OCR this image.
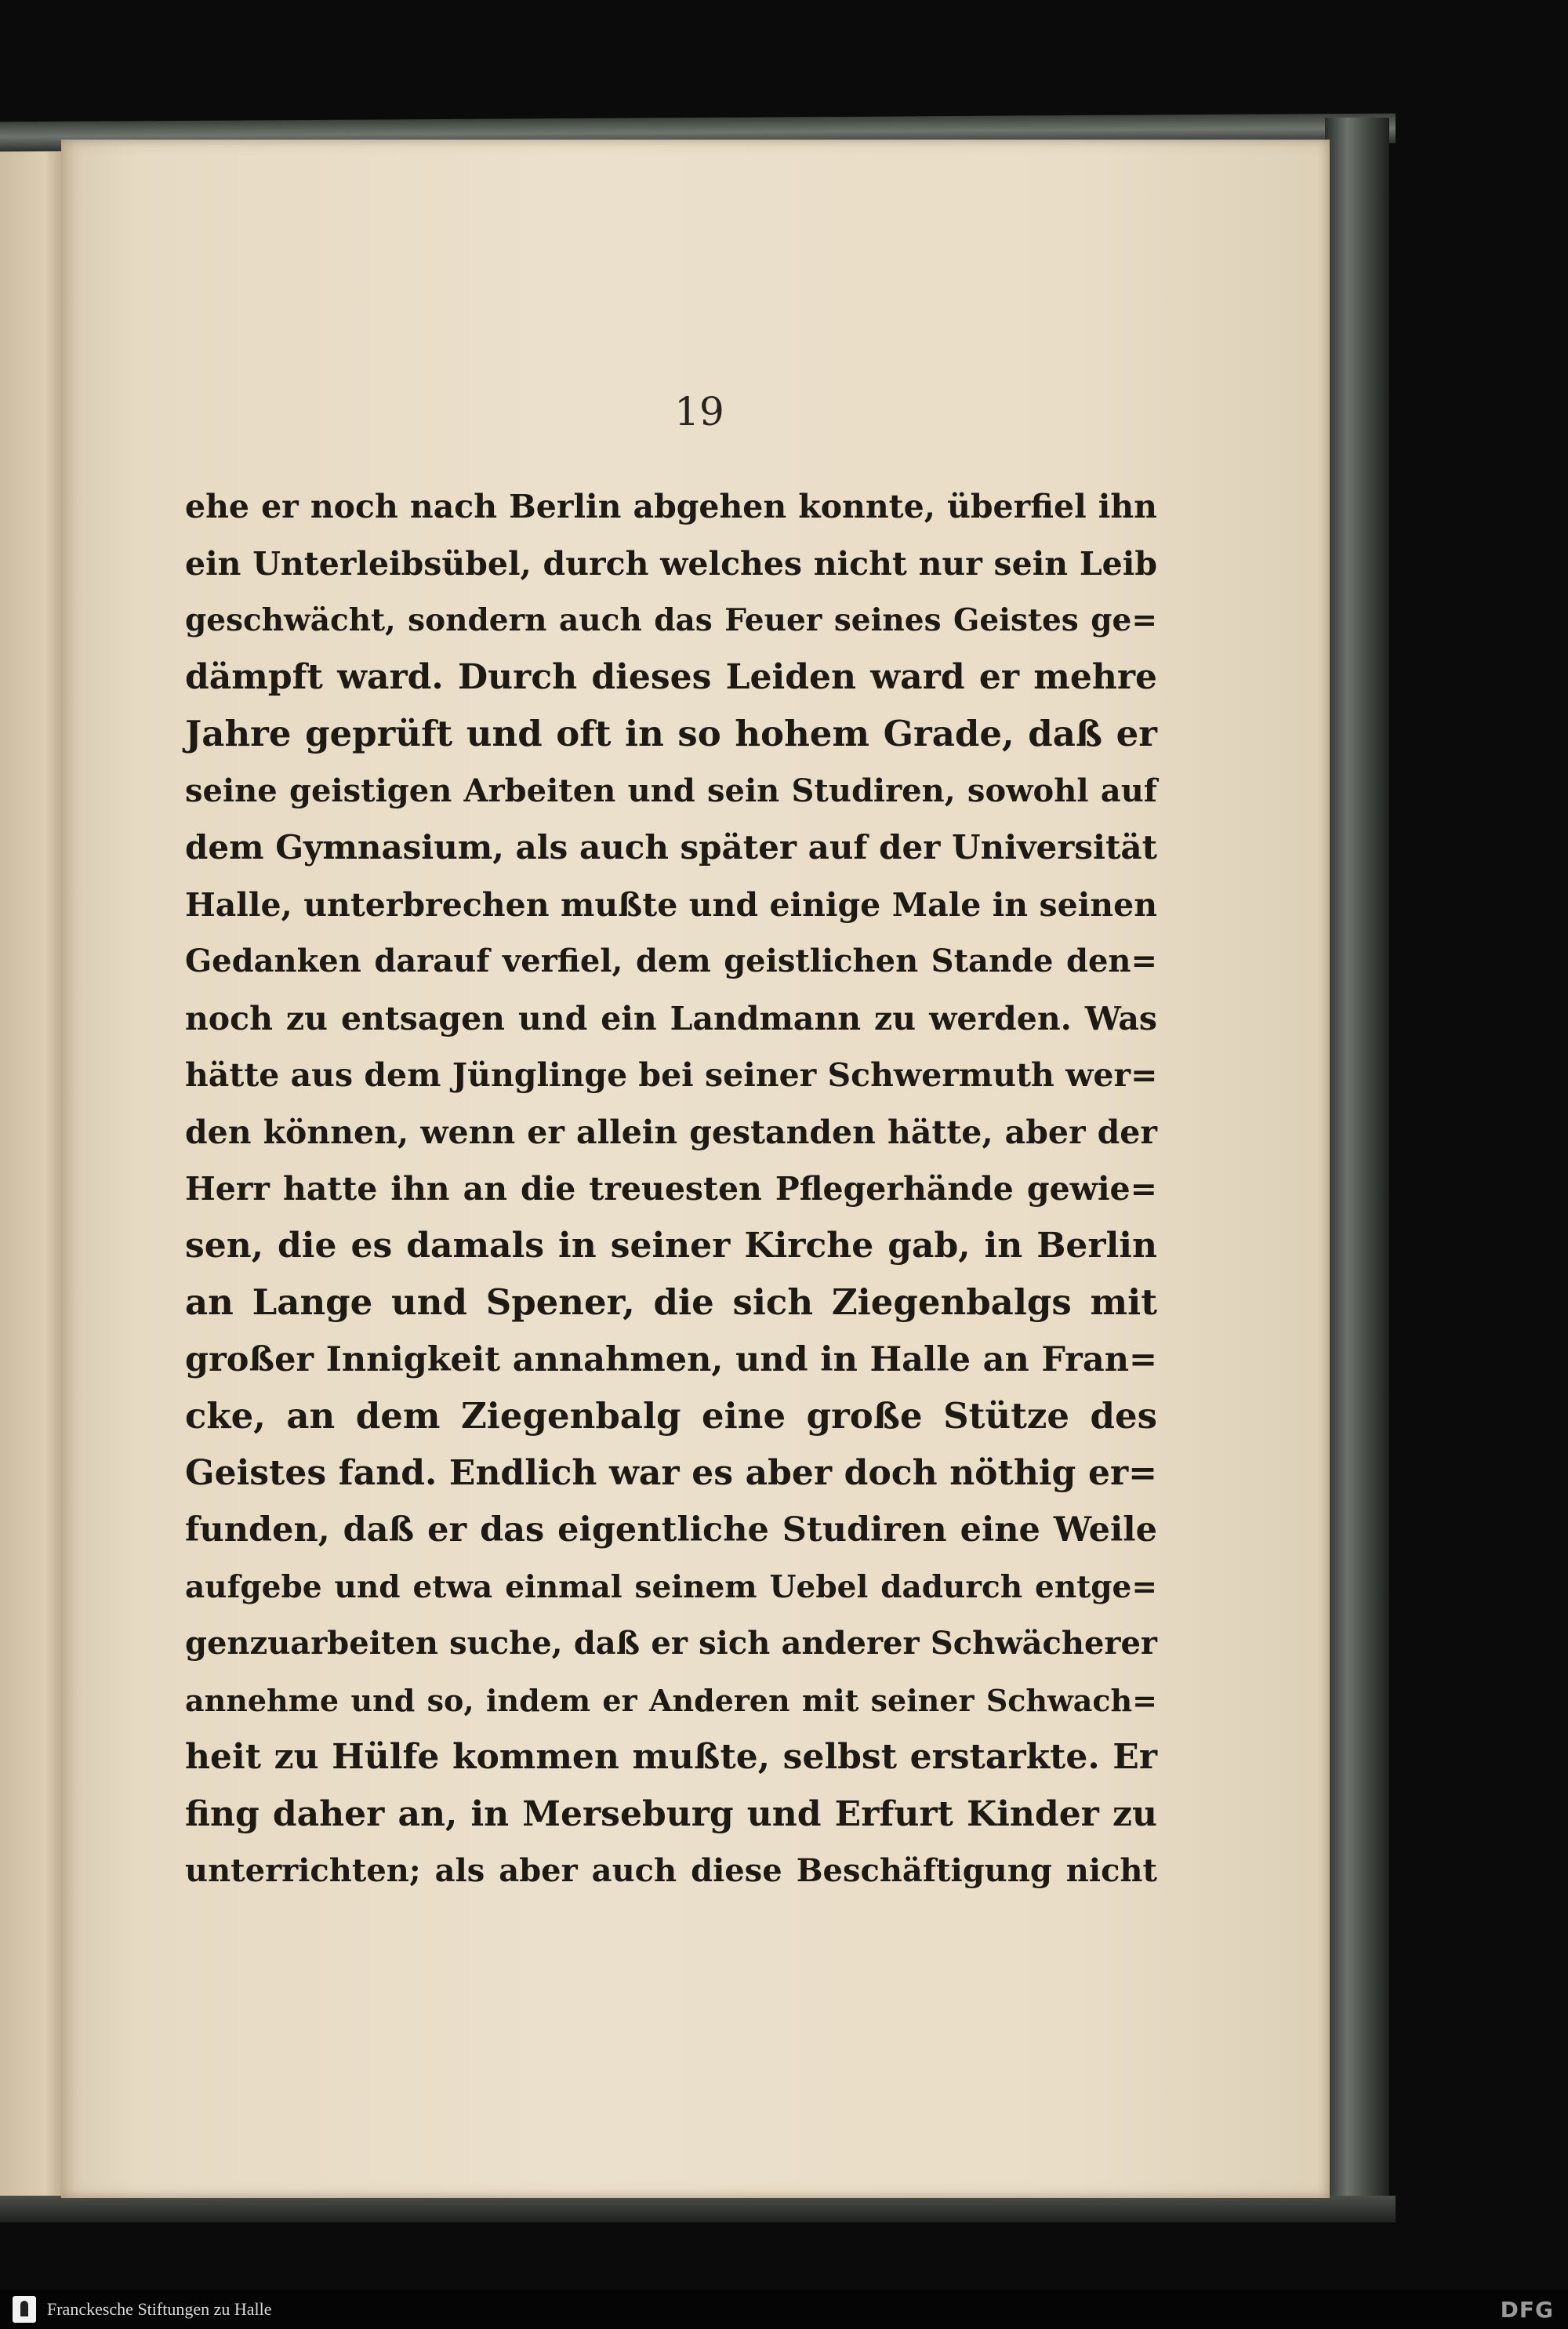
19
ehe er noch nach Berlin abgehen konnte, überfiel ihn
ein Unterleibsübel, durch welches nicht nur sein Leib
geschwächt, sondern auch das Feuer seines Geistes ge=
dämpft ward. Durch dieses Leiden ward er mehre
Jahre geprüft und oft in so hohem Grade, daß er
seine geistigen Arbeiten und sein Studiren, sowohl auf
dem Gymnasium, als auch später auf der Universität
Halle, unterbrechen mußte und einige Male in seinen
Gedanken darauf verfiel, dem geistlichen Stande den=
noch zu entsagen und ein Landmann zu werden. Was
hätte aus dem Jünglinge bei seiner Schwermuth wer=
den können, wenn er allein gestanden hätte, aber der
Herr hatte ihn an die treuesten Pflegerhände gewie=
sen, die es damals in seiner Kirche gab, in Berlin
an Lange und Spener, die sich Ziegenbalgs mit
großer Innigkeit annahmen, und in Halle an Fran=
cke, an dem Ziegenbalg eine große Stütze des
Geistes fand. Endlich war es aber doch nöthig er=
funden, daß er das eigentliche Studiren eine Weile
aufgebe und etwa einmal seinem Uebel dadurch entge=
genzuarbeiten suche, daß er sich anderer Schwächerer
annehme und so, indem er Anderen mit seiner Schwach=
heit zu Hülfe kommen mußte, selbst erstarkte. Er
fing daher an, in Merseburg und Erfurt Kinder zu
unterrichten; als aber auch diese Beschäftigung nicht
Franckesche Stiftungen zu Halle	DFG
